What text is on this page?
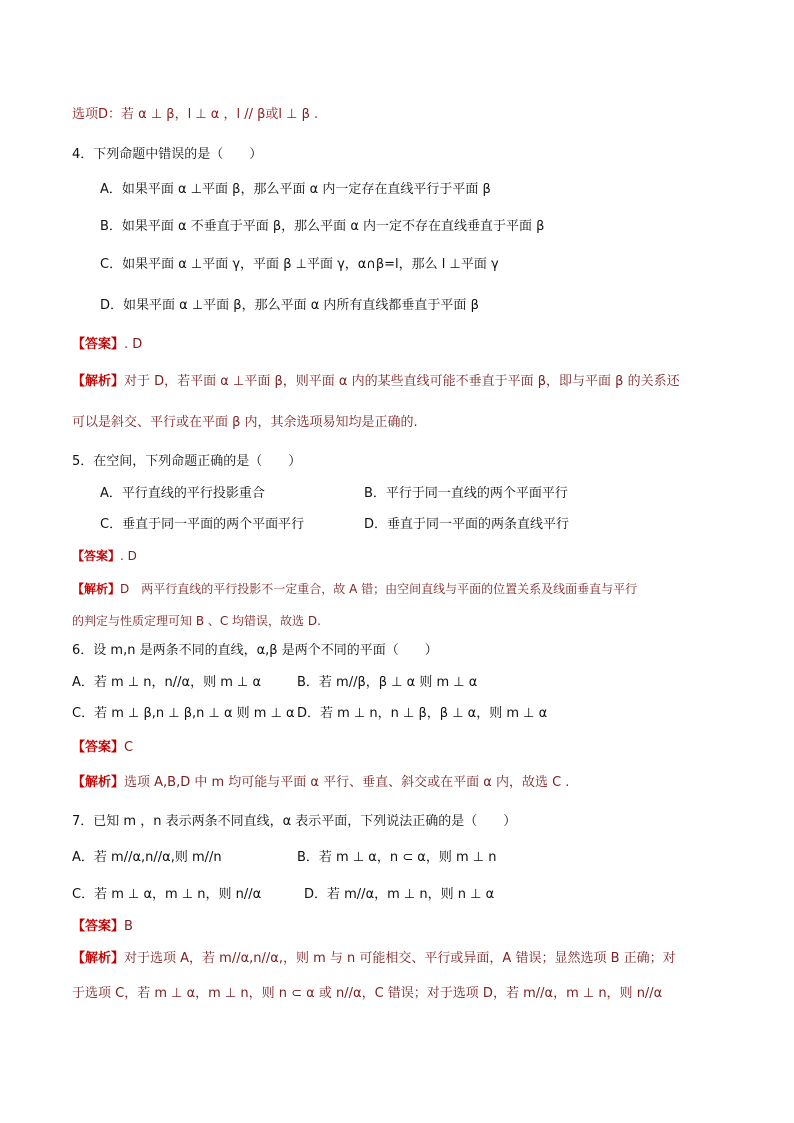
选项D：若 α ⊥ β，l ⊥ α ，l // β或l ⊥ β .
4．下列命题中错误的是（　　）
A．如果平面 α ⊥平面 β，那么平面 α 内一定存在直线平行于平面 β
B．如果平面 α 不垂直于平面 β，那么平面 α 内一定不存在直线垂直于平面 β
C．如果平面 α ⊥平面 γ，平面 β ⊥平面 γ，α∩β=l，那么 l ⊥平面 γ
D．如果平面 α ⊥平面 β，那么平面 α 内所有直线都垂直于平面 β
【答案】. D
【解析】对于 D，若平面 α ⊥平面 β，则平面 α 内的某些直线可能不垂直于平面 β，即与平面 β 的关系还
可以是斜交、平行或在平面 β 内，其余选项易知均是正确的.
5．在空间，下列命题正确的是（　　）
A．平行直线的平行投影重合	B．平行于同一直线的两个平面平行
C．垂直于同一平面的两个平面平行	D．垂直于同一平面的两条直线平行
【答案】. D
【解析】D　两平行直线的平行投影不一定重合，故 A 错；由空间直线与平面的位置关系及线面垂直与平行
的判定与性质定理可知 B 、C 均错误，故选 D.
6．设 m,n 是两条不同的直线，α,β 是两个不同的平面（　　）
A．若 m ⊥ n，n//α，则 m ⊥ α	B．若 m//β，β ⊥ α 则 m ⊥ α
C．若 m ⊥ β,n ⊥ β,n ⊥ α 则 m ⊥ α D．若 m ⊥ n，n ⊥ β，β ⊥ α，则 m ⊥ α
【答案】C
【解析】选项 A,B,D 中 m 均可能与平面 α 平行、垂直、斜交或在平面 α 内，故选 C .
7．已知 m ，n 表示两条不同直线，α 表示平面，下列说法正确的是（　　）
A．若 m//α,n//α,则 m//n	B．若 m ⊥ α，n ⊂ α，则 m ⊥ n
C．若 m ⊥ α，m ⊥ n，则 n//α	D．若 m//α，m ⊥ n，则 n ⊥ α
【答案】B
【解析】对于选项 A，若 m//α,n//α,，则 m 与 n 可能相交、平行或异面，A 错误；显然选项 B 正确；对
于选项 C，若 m ⊥ α，m ⊥ n，则 n ⊂ α 或 n//α，C 错误；对于选项 D，若 m//α，m ⊥ n，则 n//α
